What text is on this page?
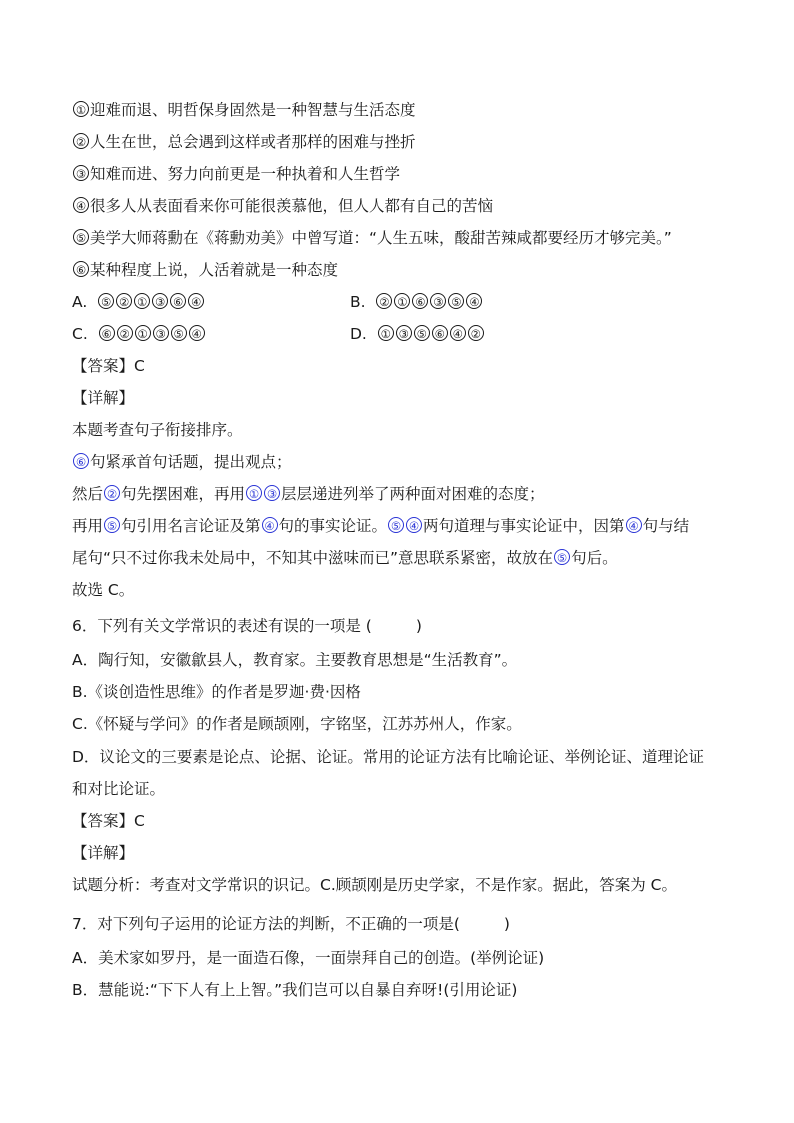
① 迎难而退、明哲保身固然是一种智慧与生活态度

② 人生在世，总会遇到这样或者那样的困难与挫折

③ 知难而进、努力向前更是一种执着和人生哲学

④ 很多人从表面看来你可能很羡慕他，但人人都有自己的苦恼

⑤ 美学大师蒋勳在《蒋勳劝美》中曾写道：“人生五味，酸甜苦辣咸都要经历才够完美。”

⑥ 某种程度上说，人活着就是一种态度

A. ⑤ ② ① ③ ⑥ ④	B. ② ① ⑥ ③ ⑤ ④

C. ⑥ ② ① ③ ⑤ ④	D. ① ③ ⑤ ⑥ ④ ②

【答案】C

【详解】

本题考查句子衔接排序。

⑥ 句紧承首句话题，提出观点；

然后 ② 句先摆困难，再用 ① ③ 层层递进列举了两种面对困难的态度；

再用 ⑤ 句引用名言论证及第 ④ 句的事实论证。 ⑤ ④ 两句道理与事实论证中，因第 ④ 句与结

尾句“只不过你我未处局中，不知其中滋味而已”意思联系紧密，故放在 ⑤ 句后。

故选 C。

6．下列有关文学常识的表述有误的一项是 (	)

A．陶行知，安徽歙县人，教育家。主要教育思想是“生活教育”。

B.《谈创造性思维》的作者是罗迦·费·因格

C.《怀疑与学问》的作者是顾颉刚，字铭坚，江苏苏州人，作家。

D．议论文的三要素是论点、论据、论证。常用的论证方法有比喻论证、举例论证、道理论证

和对比论证。

【答案】C

【详解】

试题分析：考查对文学常识的识记。C.顾颉刚是历史学家，不是作家。据此，答案为 C。

7．对下列句子运用的论证方法的判断，不正确的一项是(	)

A．美术家如罗丹，是一面造石像，一面崇拜自己的创造。(举例论证)

B．慧能说:“下下人有上上智。”我们岂可以自暴自弃呀!(引用论证)
